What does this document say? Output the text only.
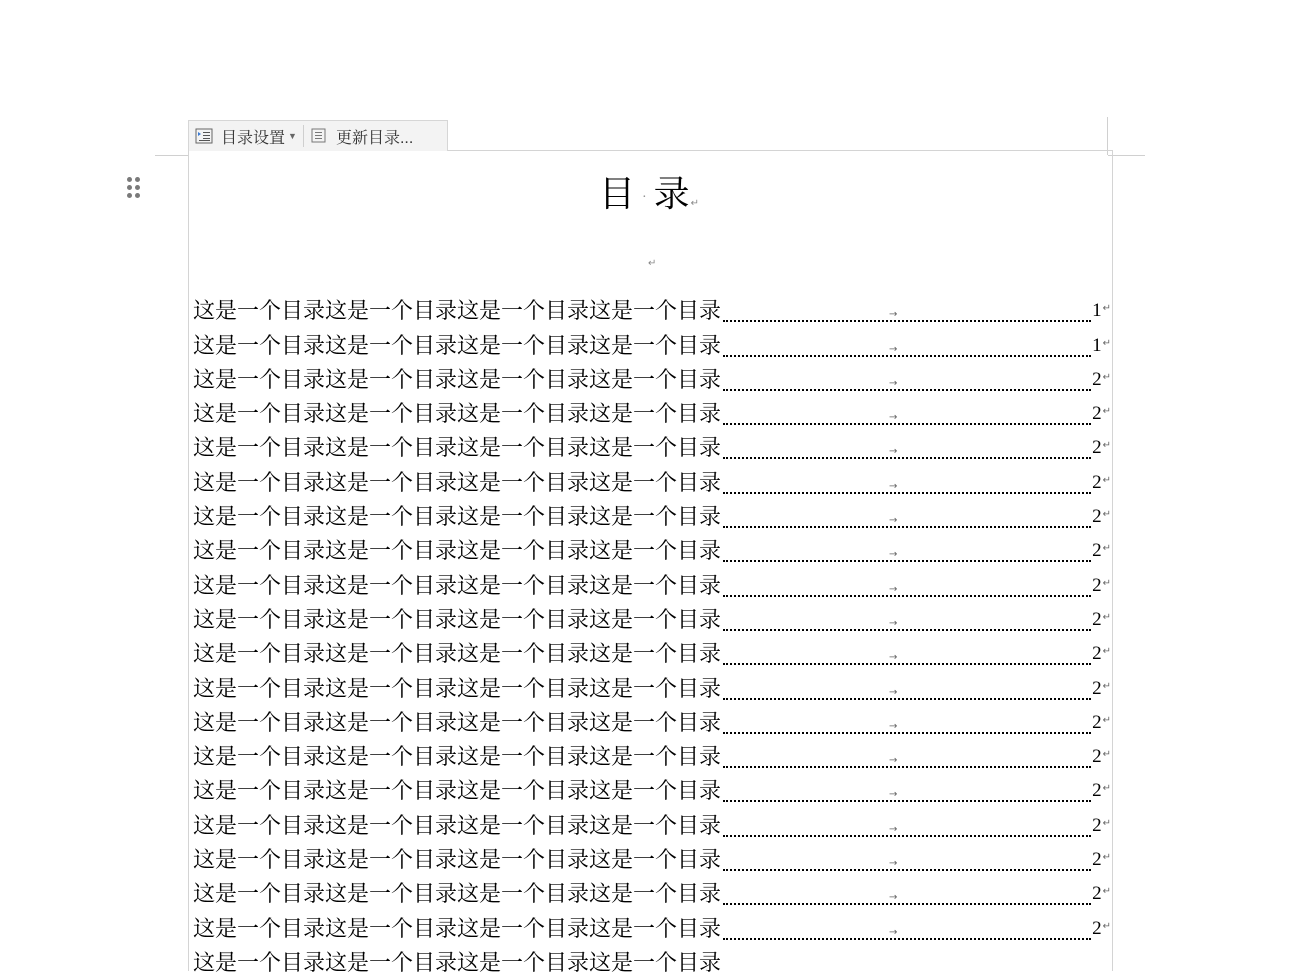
目录设置 ▼ 更新目录...
目 · 录↵
↵
这是一个目录这是一个目录这是一个目录这是一个目录	→	1 ↵
这是一个目录这是一个目录这是一个目录这是一个目录	→	1 ↵
这是一个目录这是一个目录这是一个目录这是一个目录	→	2 ↵
这是一个目录这是一个目录这是一个目录这是一个目录	→	2 ↵
这是一个目录这是一个目录这是一个目录这是一个目录	→	2 ↵
这是一个目录这是一个目录这是一个目录这是一个目录	→	2 ↵
这是一个目录这是一个目录这是一个目录这是一个目录	→	2 ↵
这是一个目录这是一个目录这是一个目录这是一个目录	→	2 ↵
这是一个目录这是一个目录这是一个目录这是一个目录	→	2 ↵
这是一个目录这是一个目录这是一个目录这是一个目录	→	2 ↵
这是一个目录这是一个目录这是一个目录这是一个目录	→	2 ↵
这是一个目录这是一个目录这是一个目录这是一个目录	→	2 ↵
这是一个目录这是一个目录这是一个目录这是一个目录	→	2 ↵
这是一个目录这是一个目录这是一个目录这是一个目录	→	2 ↵
这是一个目录这是一个目录这是一个目录这是一个目录	→	2 ↵
这是一个目录这是一个目录这是一个目录这是一个目录	→	2 ↵
这是一个目录这是一个目录这是一个目录这是一个目录	→	2 ↵
这是一个目录这是一个目录这是一个目录这是一个目录	→	2 ↵
这是一个目录这是一个目录这是一个目录这是一个目录	→	2 ↵
这是一个目录这是一个目录这是一个目录这是一个目录
